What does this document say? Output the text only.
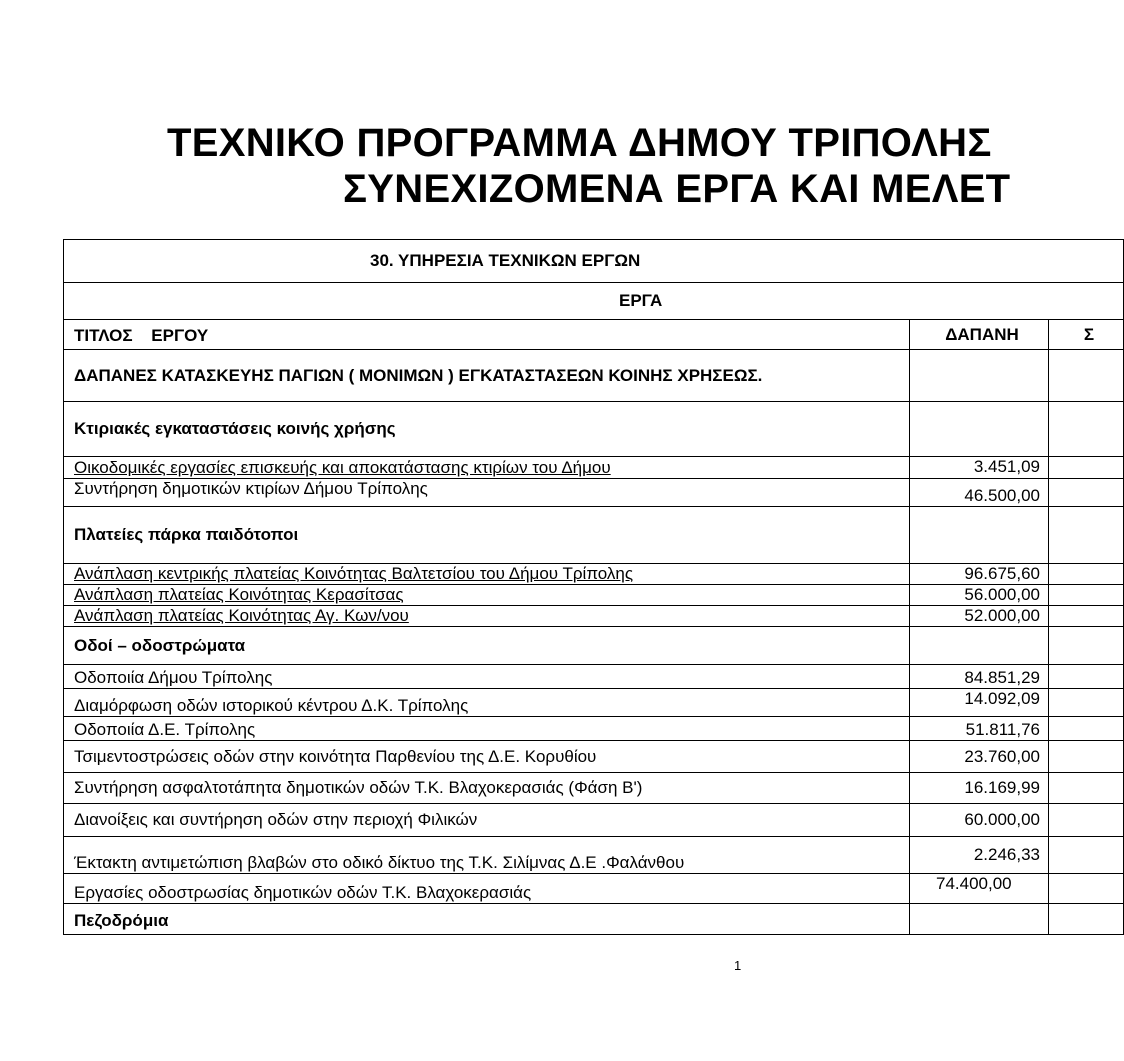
ΤΕΧΝΙΚΟ ΠΡΟΓΡΑΜΜΑ ΔΗΜΟΥ ΤΡΙΠΟΛΗΣ
ΣΥΝΕΧΙΖΟΜΕΝΑ ΕΡΓΑ ΚΑΙ ΜΕΛΕΤ
30. ΥΠΗΡΕΣΙΑ ΤΕΧΝΙΚΩΝ ΕΡΓΩΝ		
ΕΡΓΑ		
ΤΙΤΛΟΣ ΕΡΓΟΥ	ΔΑΠΑΝΗ	Σ
ΔΑΠΑΝΕΣ ΚΑΤΑΣΚΕΥΗΣ ΠΑΓΙΩΝ ( ΜΟΝΙΜΩΝ ) ΕΓΚΑΤΑΣΤΑΣΕΩΝ ΚΟΙΝΗΣ ΧΡΗΣΕΩΣ.		
Κτιριακές εγκαταστάσεις κοινής χρήσης		
Οικοδομικές εργασίες επισκευής και αποκατάστασης κτιρίων του Δήμου	3.451,09	
Συντήρηση δημοτικών κτιρίων Δήμου Τρίπολης	46.500,00	
Πλατείες πάρκα παιδότοποι		
Ανάπλαση κεντρικής πλατείας Κοινότητας Βαλτετσίου του Δήμου Τρίπολης	96.675,60	
Ανάπλαση πλατείας Κοινότητας Κερασίτσας	56.000,00	
Ανάπλαση πλατείας Κοινότητας Αγ. Κων/νου	52.000,00	
Οδοί – οδοστρώματα		
Οδοποιία Δήμου Τρίπολης	84.851,29	
Διαμόρφωση οδών ιστορικού κέντρου Δ.Κ. Τρίπολης	14.092,09	
Οδοποιία Δ.Ε. Τρίπολης	51.811,76	
Τσιμεντοστρώσεις οδών στην κοινότητα Παρθενίου της Δ.Ε. Κορυθίου	23.760,00	
Συντήρηση ασφαλτοτάπητα δημοτικών οδών Τ.Κ. Βλαχοκερασιάς (Φάση Β')	16.169,99	
Διανοίξεις και συντήρηση οδών στην περιοχή Φιλικών	60.000,00	
Έκτακτη αντιμετώπιση βλαβών στο οδικό δίκτυο της Τ.Κ. Σιλίμνας Δ.Ε .Φαλάνθου	2.246,33	
Εργασίες οδοστρωσίας δημοτικών οδών Τ.Κ. Βλαχοκερασιάς	74.400,00	
Πεζοδρόμια		
1
